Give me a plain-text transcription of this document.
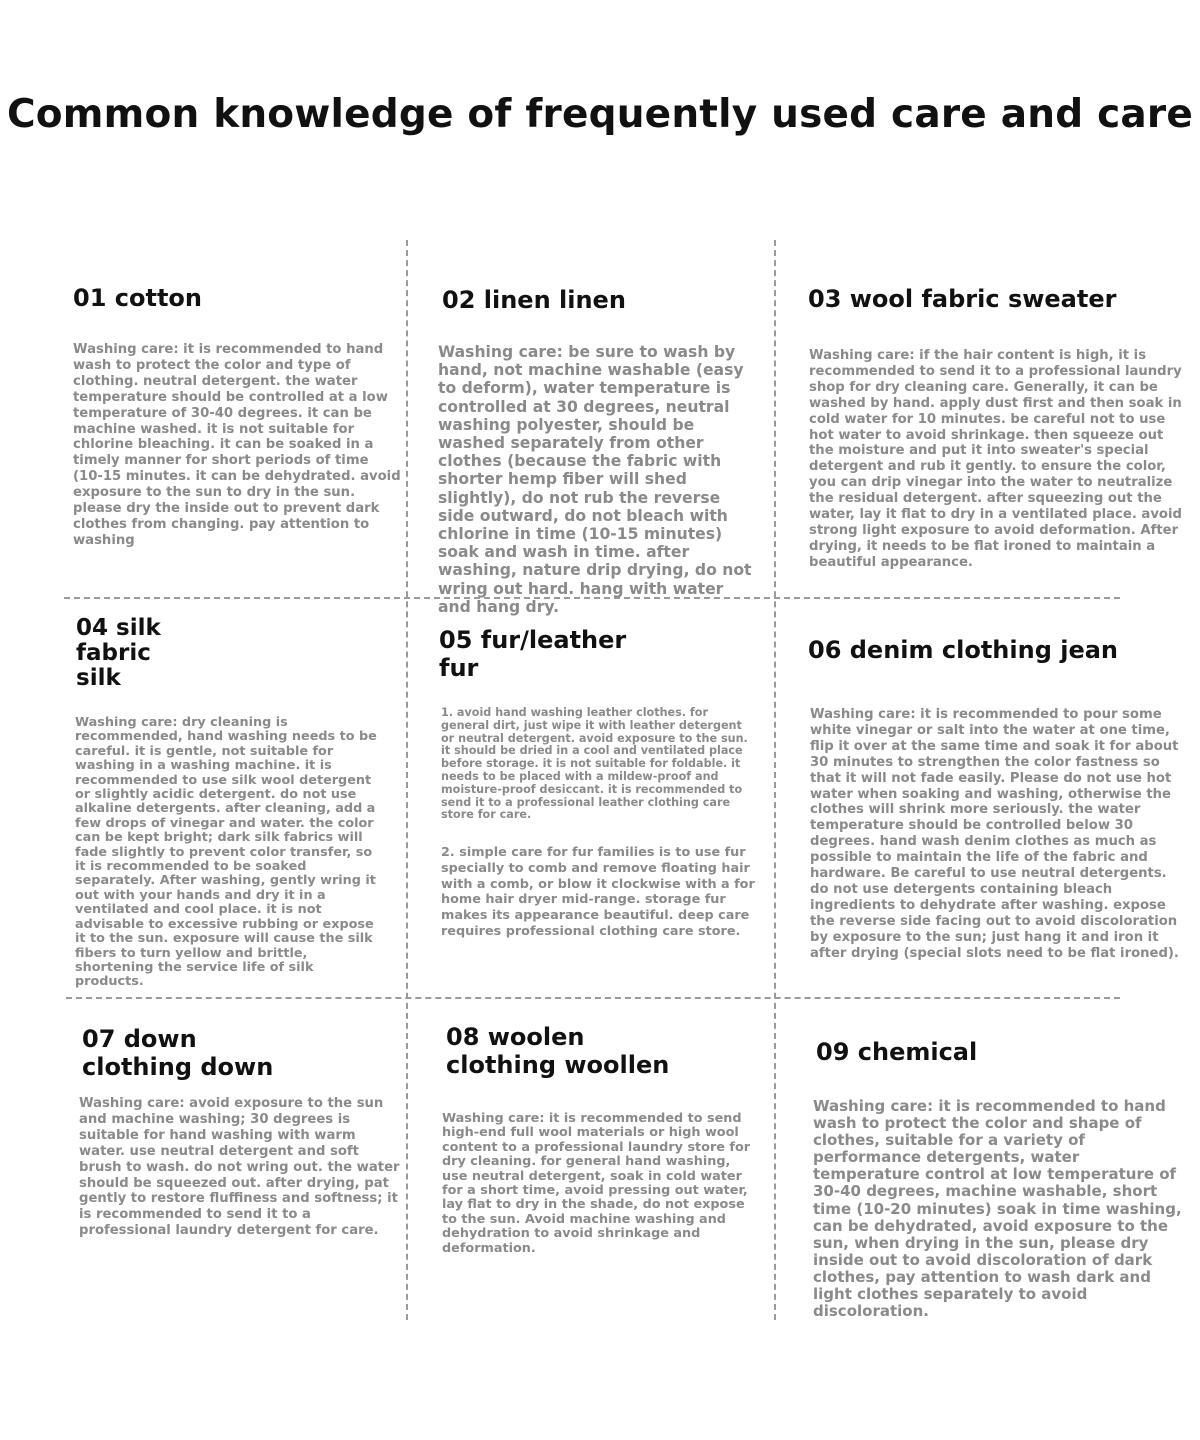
Common knowledge of frequently used care and care
01 cotton

Washing care: it is recommended to hand wash to protect the color and type of clothing. neutral detergent. the water temperature should be controlled at a low temperature of 30-40 degrees. it can be machine washed. it is not suitable for chlorine bleaching. it can be soaked in a timely manner for short periods of time (10-15 minutes. it can be dehydrated. avoid exposure to the sun to dry in the sun. please dry the inside out to prevent dark clothes from changing. pay attention to washing

02 linen linen

Washing care: be sure to wash by hand, not machine washable (easy to deform), water temperature is controlled at 30 degrees, neutral washing polyester, should be washed separately from other clothes (because the fabric with shorter hemp fiber will shed slightly), do not rub the reverse side outward, do not bleach with chlorine in time (10-15 minutes) soak and wash in time. after washing, nature drip drying, do not wring out hard. hang with water and hang dry.

03 wool fabric sweater

Washing care: if the hair content is high, it is recommended to send it to a professional laundry shop for dry cleaning care. Generally, it can be washed by hand. apply dust first and then soak in cold water for 10 minutes. be careful not to use hot water to avoid shrinkage. then squeeze out the moisture and put it into sweater's special detergent and rub it gently. to ensure the color, you can drip vinegar into the water to neutralize the residual detergent. after squeezing out the water, lay it flat to dry in a ventilated place. avoid strong light exposure to avoid deformation. After drying, it needs to be flat ironed to maintain a beautiful appearance.

04 silk
fabric
silk

Washing care: dry cleaning is recommended, hand washing needs to be careful. it is gentle, not suitable for washing in a washing machine. it is recommended to use silk wool detergent or slightly acidic detergent. do not use alkaline detergents. after cleaning, add a few drops of vinegar and water. the color can be kept bright; dark silk fabrics will fade slightly to prevent color transfer, so it is recommended to be soaked separately. After washing, gently wring it out with your hands and dry it in a ventilated and cool place. it is not advisable to excessive rubbing or expose it to the sun. exposure will cause the silk fibers to turn yellow and brittle, shortening the service life of silk products.

05 fur/leather
fur

1. avoid hand washing leather clothes. for general dirt, just wipe it with leather detergent or neutral detergent. avoid exposure to the sun. it should be dried in a cool and ventilated place before storage. it is not suitable for foldable. it needs to be placed with a mildew-proof and moisture-proof desiccant. it is recommended to send it to a professional leather clothing care store for care.

2. simple care for fur families is to use fur specially to comb and remove floating hair with a comb, or blow it clockwise with a for home hair dryer mid-range. storage fur makes its appearance beautiful. deep care requires professional clothing care store.

06 denim clothing jean

Washing care: it is recommended to pour some white vinegar or salt into the water at one time, flip it over at the same time and soak it for about 30 minutes to strengthen the color fastness so that it will not fade easily. Please do not use hot water when soaking and washing, otherwise the clothes will shrink more seriously. the water temperature should be controlled below 30 degrees. hand wash denim clothes as much as possible to maintain the life of the fabric and hardware. Be careful to use neutral detergents. do not use detergents containing bleach ingredients to dehydrate after washing. expose the reverse side facing out to avoid discoloration by exposure to the sun; just hang it and iron it after drying (special slots need to be flat ironed).

07 down
clothing down

Washing care: avoid exposure to the sun and machine washing; 30 degrees is suitable for hand washing with warm water. use neutral detergent and soft brush to wash. do not wring out. the water should be squeezed out. after drying, pat gently to restore fluffiness and softness; it is recommended to send it to a professional laundry detergent for care.

08 woolen
clothing woollen

Washing care: it is recommended to send high-end full wool materials or high wool content to a professional laundry store for dry cleaning. for general hand washing, use neutral detergent, soak in cold water for a short time, avoid pressing out water, lay flat to dry in the shade, do not expose to the sun. Avoid machine washing and dehydration to avoid shrinkage and deformation.

09 chemical

Washing care: it is recommended to hand wash to protect the color and shape of clothes, suitable for a variety of performance detergents, water temperature control at low temperature of 30-40 degrees, machine washable, short time (10-20 minutes) soak in time washing, can be dehydrated, avoid exposure to the sun, when drying in the sun, please dry inside out to avoid discoloration of dark clothes, pay attention to wash dark and light clothes separately to avoid discoloration.
